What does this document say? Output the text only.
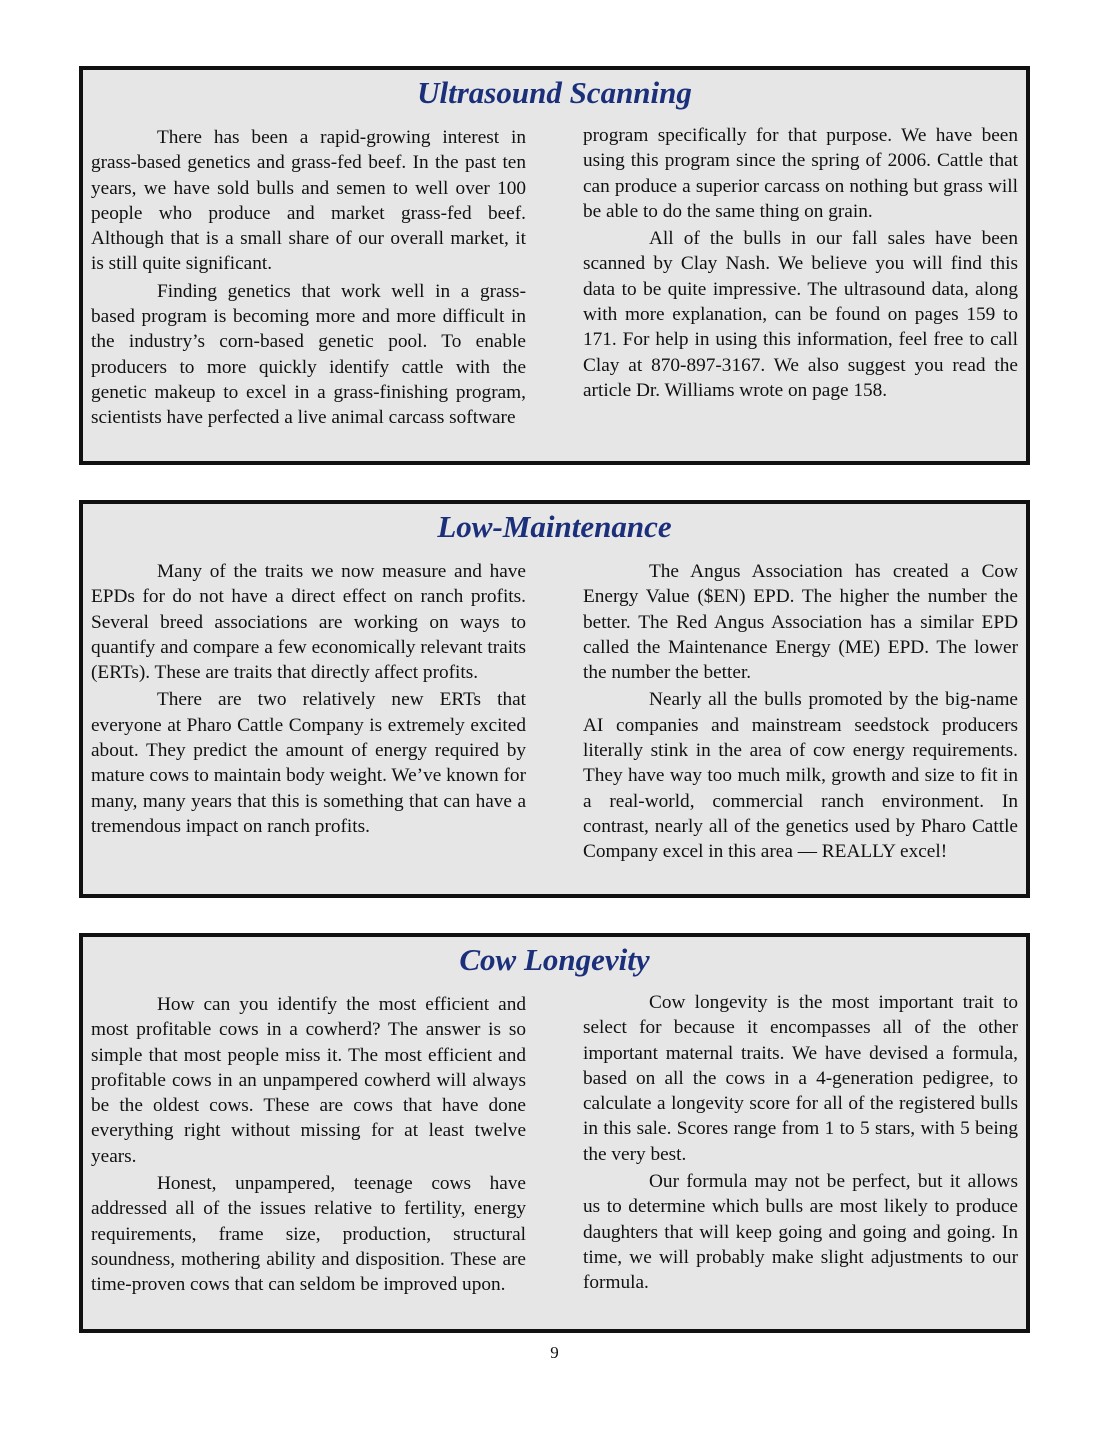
Ultrasound Scanning

There has been a rapid-growing interest in grass-based genetics and grass-fed beef. In the past ten years, we have sold bulls and semen to well over 100 people who produce and market grass-fed beef. Although that is a small share of our overall market, it is still quite significant.

Finding genetics that work well in a grass-based program is becoming more and more difficult in the industry’s corn-based genetic pool. To enable producers to more quickly identify cattle with the genetic makeup to excel in a grass-finishing program, scientists have perfected a live animal carcass software

program specifically for that purpose. We have been using this program since the spring of 2006. Cattle that can produce a superior carcass on nothing but grass will be able to do the same thing on grain.

All of the bulls in our fall sales have been scanned by Clay Nash. We believe you will find this data to be quite impressive. The ultrasound data, along with more explanation, can be found on pages 159 to 171. For help in using this information, feel free to call Clay at 870-897-3167. We also suggest you read the article Dr. Williams wrote on page 158.

Low-Maintenance

Many of the traits we now measure and have EPDs for do not have a direct effect on ranch profits. Several breed associations are working on ways to quantify and compare a few economically relevant traits (ERTs). These are traits that directly affect profits.

There are two relatively new ERTs that everyone at Pharo Cattle Company is extremely excited about. They predict the amount of energy required by mature cows to maintain body weight. We’ve known for many, many years that this is something that can have a tremendous impact on ranch profits.

The Angus Association has created a Cow Energy Value ($EN) EPD. The higher the number the better. The Red Angus Association has a similar EPD called the Maintenance Energy (ME) EPD. The lower the number the better.

Nearly all the bulls promoted by the big-name AI companies and mainstream seedstock producers literally stink in the area of cow energy requirements. They have way too much milk, growth and size to fit in a real-world, commercial ranch environment. In contrast, nearly all of the genetics used by Pharo Cattle Company excel in this area — REALLY excel!

Cow Longevity

How can you identify the most efficient and most profitable cows in a cowherd? The answer is so simple that most people miss it. The most efficient and profitable cows in an unpampered cowherd will always be the oldest cows. These are cows that have done everything right without missing for at least twelve years.

Honest, unpampered, teenage cows have addressed all of the issues relative to fertility, energy requirements, frame size, production, structural soundness, mothering ability and disposition. These are time-proven cows that can seldom be improved upon.

Cow longevity is the most important trait to select for because it encompasses all of the other important maternal traits. We have devised a formula, based on all the cows in a 4-generation pedigree, to calculate a longevity score for all of the registered bulls in this sale. Scores range from 1 to 5 stars, with 5 being the very best.

Our formula may not be perfect, but it allows us to determine which bulls are most likely to produce daughters that will keep going and going and going. In time, we will probably make slight adjustments to our formula.

9
